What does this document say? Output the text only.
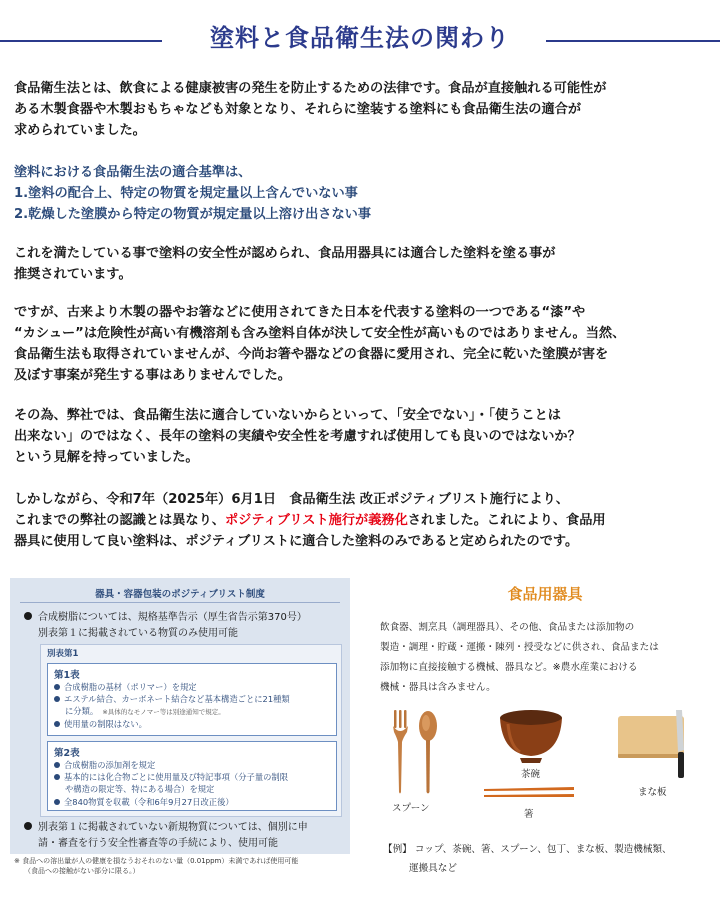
塗料と食品衛生法の関わり
食品衛生法とは、飲食による健康被害の発生を防止するための法律です。食品が直接触れる可能性が
ある木製食器や木製おもちゃなども対象となり、それらに塗装する塗料にも食品衛生法の適合が
求められていました。
塗料における食品衛生法の適合基準は、
1.塗料の配合上、特定の物質を規定量以上含んでいない事
2.乾燥した塗膜から特定の物質が規定量以上溶け出さない事
これを満たしている事で塗料の安全性が認められ、食品用器具には適合した塗料を塗る事が
推奨されています。
ですが、古来より木製の器やお箸などに使用されてきた日本を代表する塗料の一つである“漆”や
“カシュー”は危険性が高い有機溶剤も含み塗料自体が決して安全性が高いものではありません。当然、
食品衛生法も取得されていませんが、今尚お箸や器などの食器に愛用され、完全に乾いた塗膜が害を
及ぼす事案が発生する事はありませんでした。
その為、弊社では、食品衛生法に適合していないからといって、「安全でない」・「使うことは
出来ない」のではなく、長年の塗料の実績や安全性を考慮すれば使用しても良いのではないか？
という見解を持っていました。
しかしながら、令和7年（2025年）6月1日　食品衛生法 改正ポジティブリスト施行により、
これまでの弊社の認識とは異なり、ポジティブリスト施行が義務化されました。これにより、食品用
器具に使用して良い塗料は、ポジティブリストに適合した塗料のみであると定められたのです。
器具・容器包装のポジティブリスト制度
合成樹脂については、規格基準告示（厚生省告示第370号）
別表第１に掲載されている物質のみ使用可能
別表第１に掲載されていない新規物質については、個別に申
請・審査を行う安全性審査等の手続により、使用可能
別表第1
第1表
合成樹脂の基材（ポリマー）を規定
エステル結合、カーボネート結合など基本構造ごとに21種類
に分類。　 ※具体的なモノマー等は別途通知で規定。
使用量の制限はない。
第2表
合成樹脂の添加剤を規定
基本的には化合物ごとに使用量及び特記事項（分子量の制限
や構造の限定等、特にある場合）を規定
全840物質を収載（令和6年9月27日改正後）
※ 食品への溶出量が人の健康を損なうおそれのない量（0.01ppm）未満であれば使用可能
（食品への接触がない部分に限る。）
食品用器具
飲食器、割烹具（調理器具）、その他、食品または添加物の
製造・調理・貯蔵・運搬・陳列・授受などに供され、食品または
添加物に直接接触する機械、器具など。※農水産業における
機械・器具は含みません。
スプーン
茶碗
箸
まな板
【例】 コップ、茶碗、箸、スプーン、包丁、まな板、製造機械類、
運搬具など
